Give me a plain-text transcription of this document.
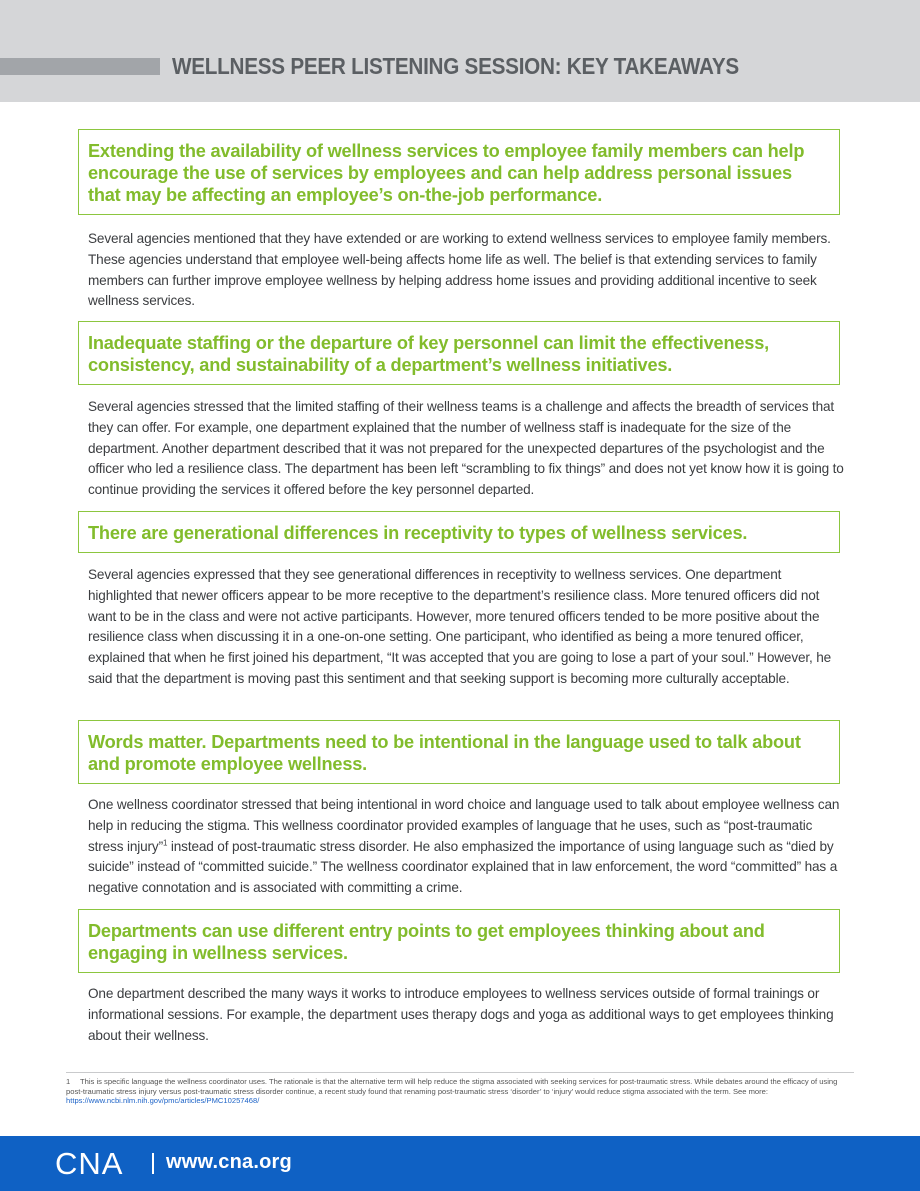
WELLNESS PEER LISTENING SESSION: KEY TAKEAWAYS

Extending the availability of wellness services to employee family members can help encourage the use of services by employees and can help address personal issues that may be affecting an employee’s on-the-job performance.

Several agencies mentioned that they have extended or are working to extend wellness services to employee family members. These agencies understand that employee well-being affects home life as well. The belief is that extending services to family members can further improve employee wellness by helping address home issues and providing additional incentive to seek wellness services.

Inadequate staffing or the departure of key personnel can limit the effectiveness, consistency, and sustainability of a department’s wellness initiatives.

Several agencies stressed that the limited staffing of their wellness teams is a challenge and affects the breadth of services that they can offer. For example, one department explained that the number of wellness staff is inadequate for the size of the department. Another department described that it was not prepared for the unexpected departures of the psychologist and the officer who led a resilience class. The department has been left “scrambling to fix things” and does not yet know how it is going to continue providing the services it offered before the key personnel departed.

There are generational differences in receptivity to types of wellness services.

Several agencies expressed that they see generational differences in receptivity to wellness services. One department highlighted that newer officers appear to be more receptive to the department’s resilience class. More tenured officers did not want to be in the class and were not active participants. However, more tenured officers tended to be more positive about the resilience class when discussing it in a one-on-one setting. One participant, who identified as being a more tenured officer, explained that when he first joined his department, “It was accepted that you are going to lose a part of your soul.” However, he said that the department is moving past this sentiment and that seeking support is becoming more culturally acceptable.

Words matter. Departments need to be intentional in the language used to talk about and promote employee wellness.

One wellness coordinator stressed that being intentional in word choice and language used to talk about employee wellness can help in reducing the stigma. This wellness coordinator provided examples of language that he uses, such as “post-traumatic stress injury”$^1$ instead of post-traumatic stress disorder. He also emphasized the importance of using language such as “died by suicide” instead of “committed suicide.” The wellness coordinator explained that in law enforcement, the word “committed” has a negative connotation and is associated with committing a crime.

Departments can use different entry points to get employees thinking about and engaging in wellness services.

One department described the many ways it works to introduce employees to wellness services outside of formal trainings or informational sessions. For example, the department uses therapy dogs and yoga as additional ways to get employees thinking about their wellness.

1 This is specific language the wellness coordinator uses. The rationale is that the alternative term will help reduce the stigma associated with seeking services for post-traumatic stress. While debates around the efficacy of using post-traumatic stress injury versus post-traumatic stress disorder continue, a recent study found that renaming post-traumatic stress ‘disorder’ to ‘injury’ would reduce stigma associated with the term. See more: https://www.ncbi.nlm.nih.gov/pmc/articles/PMC10257468/

CNA www.cna.org
